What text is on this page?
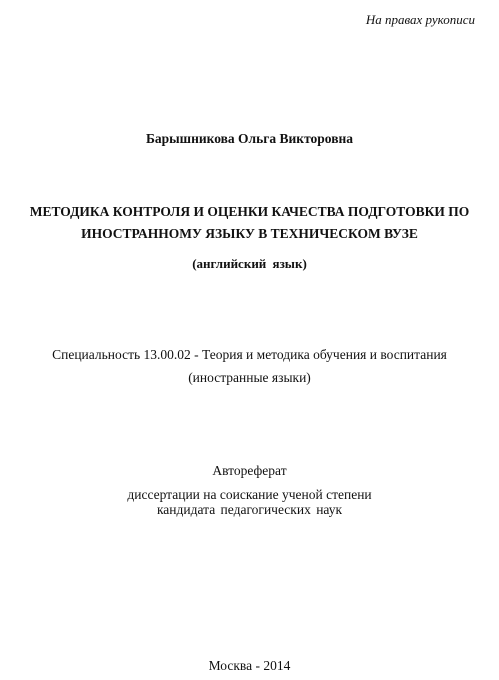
На правах рукописи
Барышникова Ольга Викторовна
МЕТОДИКА КОНТРОЛЯ И ОЦЕНКИ КАЧЕСТВА ПОДГОТОВКИ ПО
ИНОСТРАННОМУ ЯЗЫКУ В ТЕХНИЧЕСКОМ ВУЗЕ
(английский язык)
Специальность 13.00.02 - Теория и методика обучения и воспитания
(иностранные языки)
Автореферат
диссертации на соискание ученой степени
кандидата педагогических наук
Москва - 2014
